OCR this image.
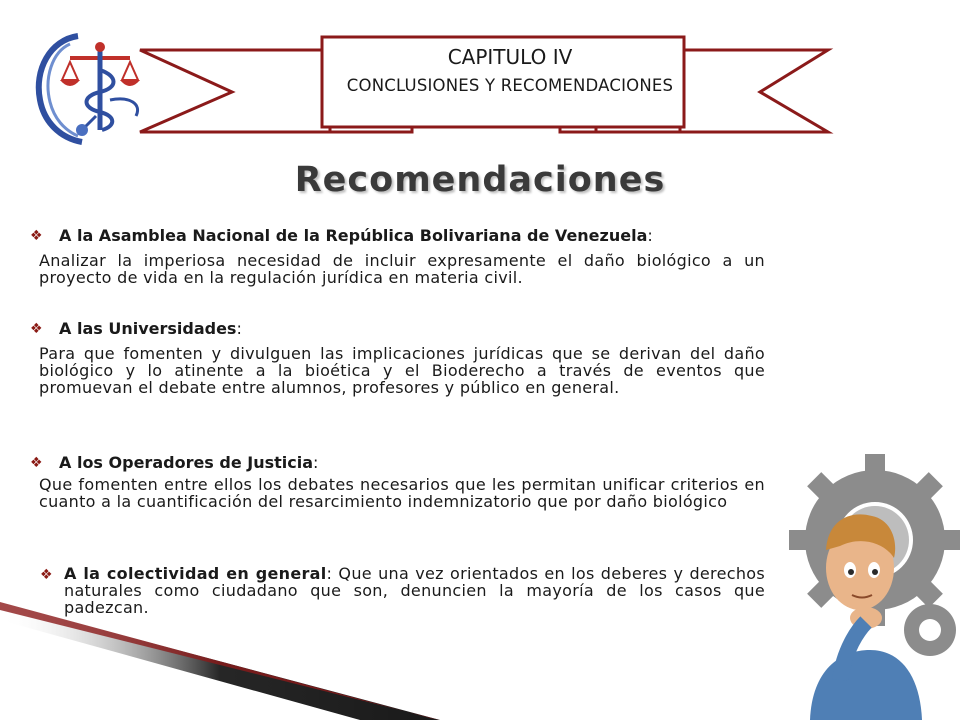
CAPITULO IV
CONCLUSIONES Y RECOMENDACIONES
Recomendaciones
❖ A la Asamblea Nacional de la República Bolivariana de Venezuela:
Analizar la imperiosa necesidad de incluir expresamente el daño biológico a un proyecto de vida en la regulación jurídica en materia civil.
❖ A las Universidades:
Para que fomenten y divulguen las implicaciones jurídicas que se derivan del daño biológico y lo atinente a la bioética y el Bioderecho a través de eventos que promuevan el debate entre alumnos, profesores y público en general.
❖ A los Operadores de Justicia:
Que fomenten entre ellos los debates necesarios que les permitan unificar criterios en cuanto a la cuantificación del resarcimiento indemnizatorio que por daño biológico
❖ A la colectividad en general: Que una vez orientados en los deberes y derechos naturales como ciudadano que son, denuncien la mayoría de los casos que padezcan.
